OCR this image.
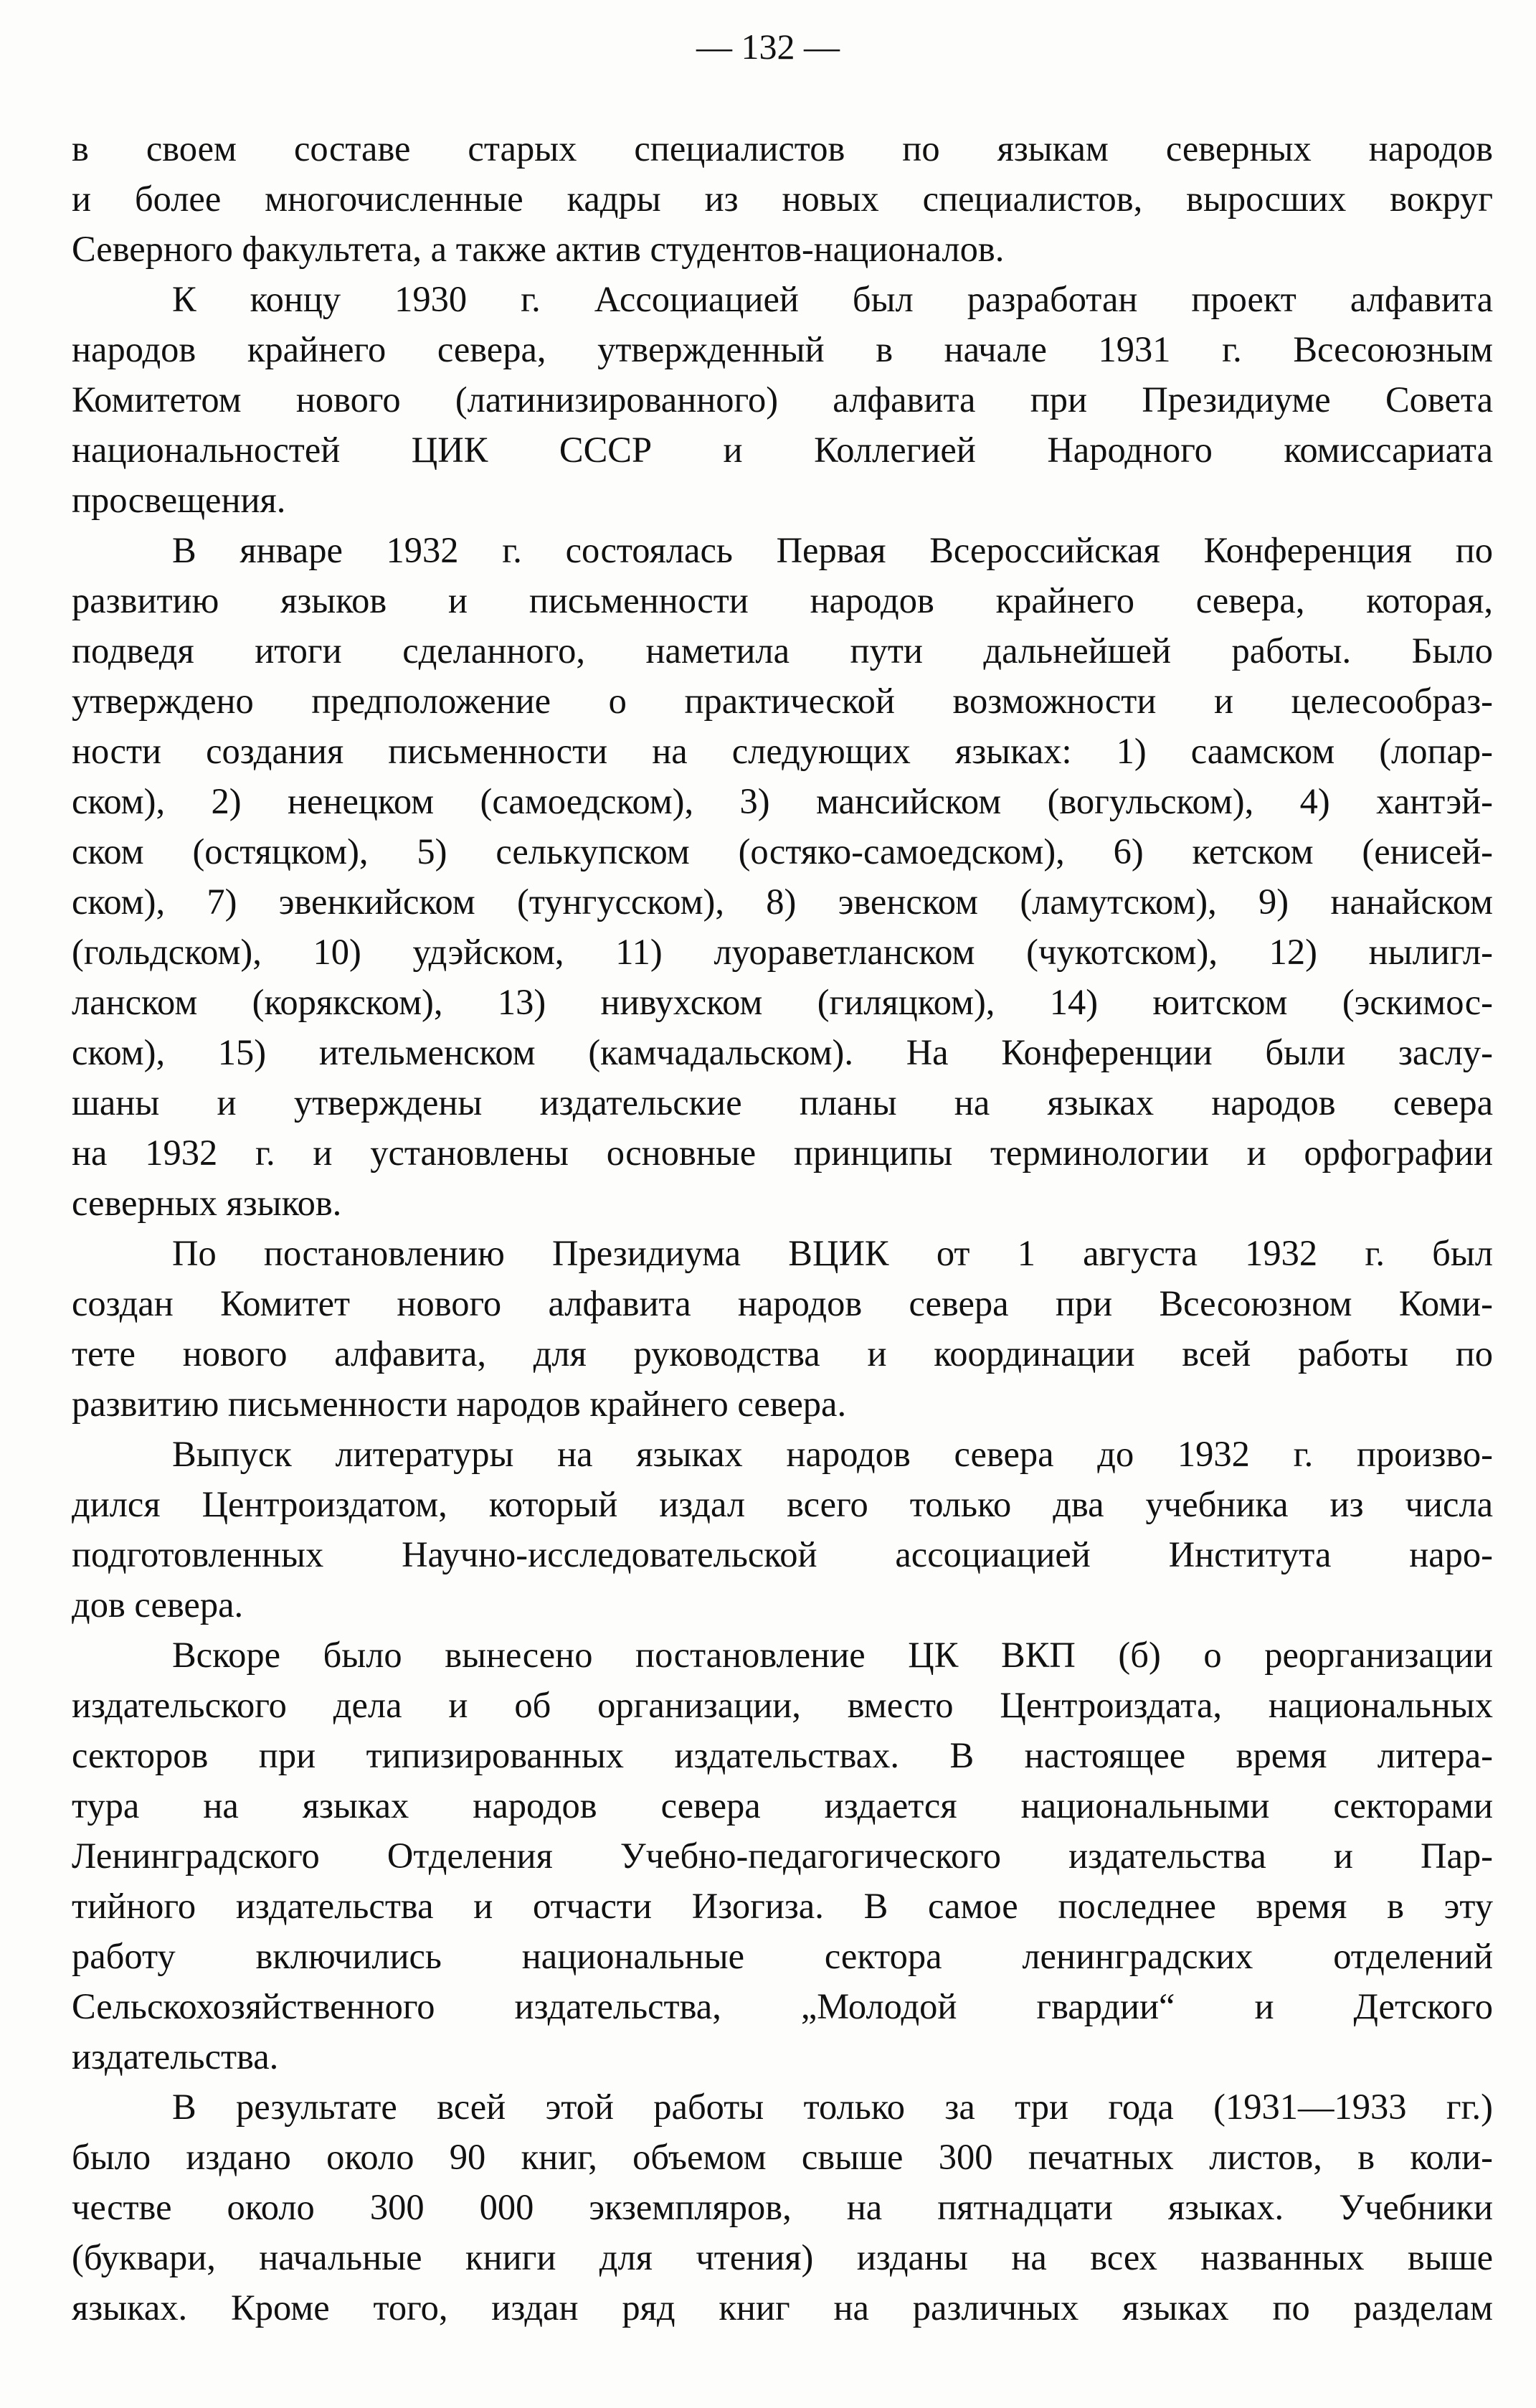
— 132 —
в своем составе старых специалистов по языкам северных народов
и более многочисленные кадры из новых специалистов, выросших вокруг
Северного факультета, а также актив студентов-националов.
К концу 1930 г. Ассоциацией был разработан проект алфавита
народов крайнего севера, утвержденный в начале 1931 г. Всесоюзным
Комитетом нового (латинизированного) алфавита при Президиуме Совета
национальностей ЦИК СССР и Коллегией Народного комиссариата
просвещения.
В январе 1932 г. состоялась Первая Всероссийская Конференция по
развитию языков и письменности народов крайнего севера, которая,
подведя итоги сделанного, наметила пути дальнейшей работы. Было
утверждено предположение о практической возможности и целесообраз-
ности создания письменности на следующих языках: 1) саамском (лопар-
ском), 2) ненецком (самоедском), 3) мансийском (вогульском), 4) хантэй-
ском (остяцком), 5) селькупском (остяко-самоедском), 6) кетском (енисей-
ском), 7) эвенкийском (тунгусском), 8) эвенском (ламутском), 9) нанайском
(гольдском), 10) удэйском, 11) луораветланском (чукотском), 12) нылигл-
ланском (корякском), 13) нивухском (гиляцком), 14) юитском (эскимос-
ском), 15) ительменском (камчадальском). На Конференции были заслу-
шаны и утверждены издательские планы на языках народов севера
на 1932 г. и установлены основные принципы терминологии и орфографии
северных языков.
По постановлению Президиума ВЦИК от 1 августа 1932 г. был
создан Комитет нового алфавита народов севера при Всесоюзном Коми-
тете нового алфавита, для руководства и координации всей работы по
развитию письменности народов крайнего севера.
Выпуск литературы на языках народов севера до 1932 г. произво-
дился Центроиздатом, который издал всего только два учебника из числа
подготовленных Научно-исследовательской ассоциацией Института наро-
дов севера.
Вскоре было вынесено постановление ЦК ВКП (б) о реорганизации
издательского дела и об организации, вместо Центроиздата, национальных
секторов при типизированных издательствах. В настоящее время литера-
тура на языках народов севера издается национальными секторами
Ленинградского Отделения Учебно-педагогического издательства и Пар-
тийного издательства и отчасти Изогиза. В самое последнее время в эту
работу включились национальные сектора ленинградских отделений
Сельскохозяйственного издательства, „Молодой гвардии“ и Детского
издательства.
В результате всей этой работы только за три года (1931—1933 гг.)
было издано около 90 книг, объемом свыше 300 печатных листов, в коли-
честве около 300 000 экземпляров, на пятнадцати языках. Учебники
(буквари, начальные книги для чтения) изданы на всех названных выше
языках. Кроме того, издан ряд книг на различных языках по разделам
